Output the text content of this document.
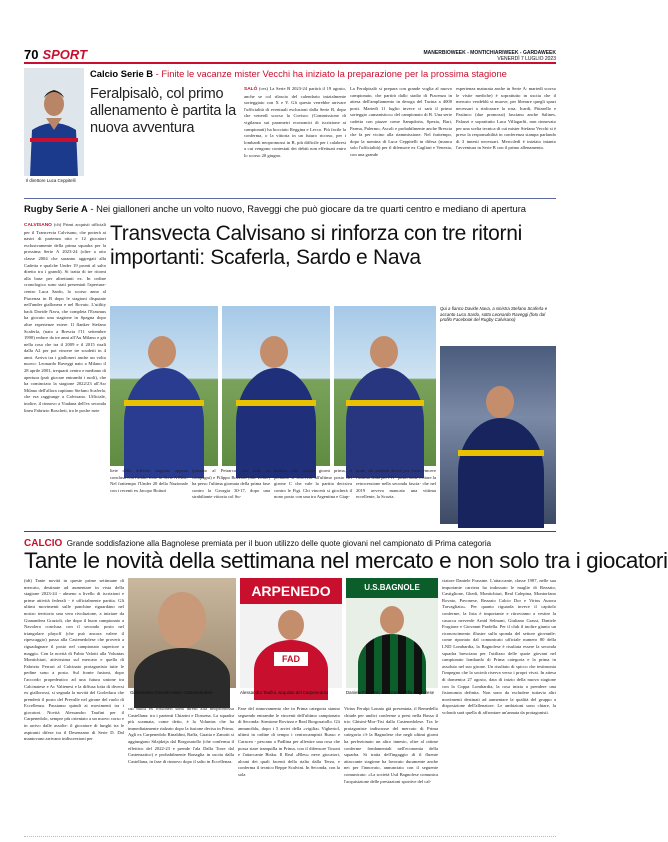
70 SPORT	MANERBIOWEEK - MONTICHIARIWEEK - GARDAWEEK
VENERDÌ 7 LUGLIO 2023
Il direttore Luca Ceppitelli
Calcio Serie B - Finite le vacanze mister Vecchi ha iniziato la preparazione per la prossima stagione
Feralpisalò, col primo allenamento è partita la nuova avventura
SALÒ (ces) La Serie B 2023-24 partirà il 19 agosto, anche se col rilascio del calendario inizialmente sorteggiato con X e Y. Gli questo verrebbe arrivare l'ufficialità di eventuali esclusioni dalla Serie B, dopo che venerdì scorso la Covisoc (Commissione di vigilanza sui parametri economici di iscrizione ai campionati) ha bocciato Reggina e Lecco. Più facile la conferma, o la vittoria in un futuro ricorso, per i lombardi neopromossi in B, più difficile per i calabresi a cui vengono contestati dei debiti non effettuati entro lo scorso 20 giugno.
La Feralpisalò si prepara con grande voglia al nuovo campionato, che partirà dallo stadio di Piacenza in attesa dell'ampliamento in deroga del Turina a 4000 posti. Martedì 11 luglio invece ci sarà il primo sorteggio «umanistico» del campionato di B. Una serie cadetta con piazze come Sampdoria, Spezia, Bari, Parma, Palermo, Ascoli e probabilmente anche Brescia che fa per vicino alla riammissione. Nel frattempo, dopo la nomina di Luca Ceppitelli in difesa (manca solo l'ufficialità) per il difensore ex Cagliari e Venezia, con una grande
esperienza maturata anche in Serie A: martedì scorso le visite mediche) è soprattutto in uscita che il mercato verdeblù si muove, per liberare quegli spazi necessari a rinforzare la rosa. Icardi, Pittarello e Pasiinco (due promossi) lasciano anche Salines, Palazzi e soprattutto Luca Villagarlii, non rinnovato per una scelta tecnica di cui mister Stefano Vecchi si è preso la responsabilità in conferenza stampa parlando di 3 innesti necessari. Mercoledì è iniziato intanto l'avventura in Serie B con il primo allenamento.
Rugby Serie A - Nei gialloneri anche un volto nuovo, Raveggi che può giocare da tre quarti centro e mediano di apertura
Transvecta Calvisano si rinforza con tre ritorni importanti: Scaferla, Sardo e Nava
CALVISANO (ch) Primi acquisti ufficiali per il Transvecta Calvisano, che porterà ai nastri di partenza otto e 12 giocatori esclusivamente della prima squadra per la prossima Serie A 2023-24 (oltre a otto classe 2004 che saranno aggregati alla Cadetta e qualche Under 19 pronti al salto diretto tra i grandi). Si tratta di tre ritorni alla base per altrettanti ex. In ordine cronologico sono stati presentati l'apertura-centro Luca Sardo, lo scorso anno al Piacenza in B dopo le stagioni disputate nell'under giallonera e nel Rovato. L'utility back Davide Nava, che completa l'Erasmus ha giocato una stagione in Spagna dopo altre esperienze estere. Il flanker Stefano Scaferla, (nato a Brescia l'11 settembre 1990) reduce da tre anni all'Au Milano e già nella rosa che tra il 2009 e il 2015 risalì dalla A2 per poi vincere tre scudetti in 4 anni. Arriva tra i gialloneri anche un volto nuovo: Leonardo Raveggi nato a Milano il 28 aprile 2001, trequarti centro e mediano di apertura (può giocare entrambi i ruoli), che ha cominciato la stagione 2022/23 all'Asr Milano dell'allora capitano Stefano Scaferla, che era raggiunge a Calvisano. Ufficiale, inoltre, il rinnovo a Viadana dell'ex seconda linea Fabrizio Boscheti, tra le poche note
Qui a fianco Davide Nava, a sinistra Stefano Scaferla e accanto Luca Sardo, sotto Leonardo Raveggi (foto dal profilo Facebook del Rugby Calvisano)
liete della difficile stagione appena conclusa con l'addio forte in Serie A Elite. Nel frattempo l'Under 20 della Nazionale con i recenti ex Jacopo Botturi
(passato al Petrarca con tutti ex compagni) e Filippo Bozzoni (alle Zebre) ha perso l'ultima giornata della prima fase contro la Georgia 30-17, dopo una strabiliante vittoria col Su-
dafrica solo cinque giorni prima, e pertanto si ritroverà all'ultimo posto del girone C che vale la partita decisiva contro le Figi. Chi vincerà si giocherà il nono posto con una tra Argentina e Giap-
pone, chi perderà dovrà per forza vincere l'ultima sfida per l'11° posto onde evitare la retrocessione nella seconda fascia- che nel 2019 avveva mancato una vittima eccellente, la Scozia.
CALCIO Grande soddisfazione alla Bagnolese premiata per il buon utilizzo delle quote giovani nel campionato di Prima categoria
Tante le novità della settimana nel mercato e non solo tra i giocatori
(tdi) Tante novità in queste prime settimane di mercato, destinate ad aumentare in vista della stagione 2023-24 - almeno a livello di iscrizioni e prime attività federali - è ufficialmente partita. Gli ultimi movimenti sulle panchine riguardano nel nostro territorio una vera rivoluzione, a iniziare da Gianandrea Grazioli, che dopo il buon campionato a Navolera conclusa con il secondo posto nel triangolare playoff (che può ancora valere il ripescaggio) passa alla Castenedolese che proverà a riguadagnare il posto nel campionato superiore a maggio. Con la novità di Fabio Valotti alla Voluntas Montichiari, attivissima sul mercato e quella di Fabrizio Ferrari al Calcinato protagonista tutte le pedine sono a posto. Sul fronte fusioni, dopo l'accordo propedeutico ad una futura unione tra Calcinatese e Ac Valtenesi e la diffusa lotta di diversi ex giallorossi, si segnala la novità del Gorleduca che prenderà il posto del Prevalle nel girone del ruolo di Eccellenza. Passiamo quindi ai movimenti tra i giocatori. Novità Alessandro Taufini per il Carpenedolo, sempre più orientato a un nuovo corso e in arrivo dalle assolte: il giocatore di lunghi tra le aspiranti difese tra il Desenzano di Serie D. Dal mantovano arrivano indiscrezioni per
ARPENEDO
FAD
U.S.BAGNOLE
Gianandrea Grazioli mister Castenedolese	Alessandro Taufini, acquisto del Carpenedolo	Daniele Frassine, attaccante della Bagnolese
cui molti ex rossoneri sono diretti alla neopromossa Castellana: tra i partenti Chiarini e Dossena. La squadra più scannata, come detto, è la Voluntas che ha immediatamente rialzato dopo la fusione decisa in Prima. Agli ex Carpenedolo Rinaldini, Raffa, Guatta e Zanotti si aggiungono Silajdzija dal Borgosatollo (che conferma il effettivo del 2022-23 e prende l'ala Dalla Torre dal Castenzatico) e probabilmente Bonaglia in uscita dalla Castellana, in fase di rinnovo dopo il salto in Eccellenza.
Fase del rinnovamento che in Prima categoria stanno seguendo entrambe le vincenti dell'ultimo campionato di Seconda: Sirmione Rovizza e Real Borgosatollo. Gli annunciblu, dopo i 5 arrivi della «vigilia» Vigheriol, ultimi in ordine di tempo i centrocampisti Russo e Caracea - pescano a Padlina per allestire una rosa che possa stare tranquilla in Prima, con il difensore Tosoni e l'attaccante Bisku. Il Real «Bleu» neve giocatori, alcuni dei quali facenti della rialto dalla Terza, e conferma il tecnico Beppe Scalvini. In Seconda, con la sola
Virtus Feralpi Lonato già presentata, il Remedello chiude per undici conferme a presi nella Bassa il trio Ghisini-Mor-Tisi dalla Castenedolese. Tra le protagoniste indiscusse del mercato di Prima categoria c'è la Bagnolese che negli ultimi giorni ha perfezionato un altro innesto, oltre al ottime conferme fondamentali nell'economia della squadra. Si tratta dell'ingaggio di il fluente attaccante stagione ha lavorato duramente anche nei per l'innovato, annunciato con il seguente comunicato: «La società Usd Bagnolese comunica l'acquisizione delle prestazioni sportive del cal-
ciatore Daniele Frassine. L'attaccante, classe 1987, nelle sua importante carriera ha indossato le maglie di Rezzato, Castiglione, Ghedi, Montichiari, Real Calepina, Montorfano Rovato, Pavonese, Rezzato Calcio Dor e Virtus Aurora Travagliato». Per quanto riguarda invece il capitolo conferme, la lista è importante e ritroviamo a vestire la casacca nerverde Arnid Selmani, Giuliano Grassi, Daniele Forgione e Giovanni Pradella. Per il club il inoltre giunto un riconoscimento illustre sulla sponda del settore giovanile: come riportato dal comunicato ufficiale numero 80 della LND Lombardia, la Bagnolese è risultata essere la seconda squadra bresciana per l'utilizzo delle quote giovani nel campionato lombardo di Prima categoria e la prima in assoluto nel suo girone. Un risultato di spicco che testimonia l'impegno che la società riserva verso i propri vivai. In attesa di domenica 27 agosto, data di inizio della nuova stagione con la Coppa Lombardia, la rosa inizia a prendere una fisionomia definita. Non sono da escludere tuttavia altri movimenti destinati ad aumentare la qualità del gruppo a disposizione dell'allenatore. Le ambizioni sono chiare, la volontà sarà quella di affrontare un'annata da protagonisti.
